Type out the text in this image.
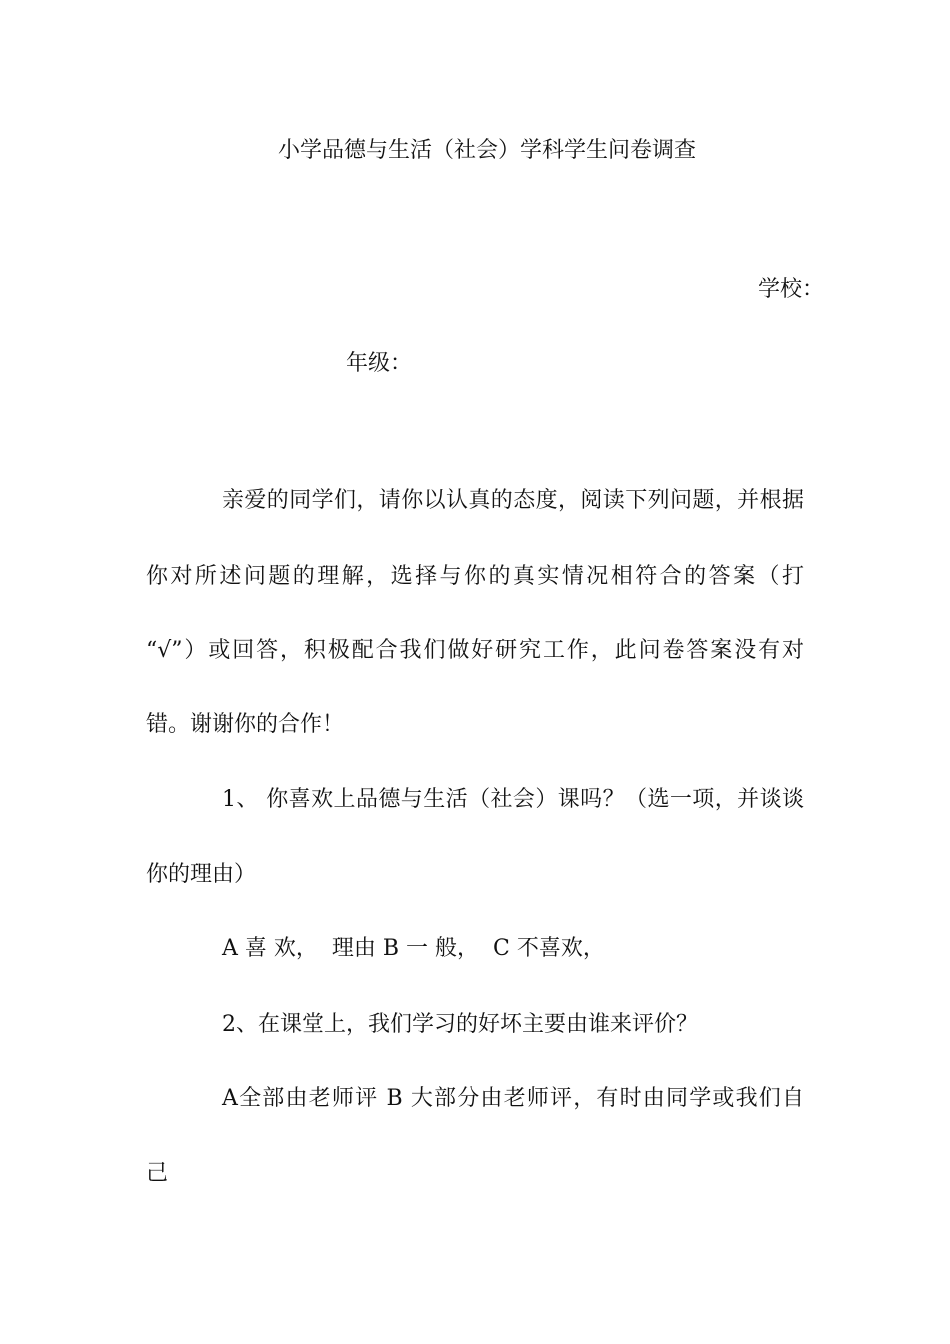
小学品德与生活（社会）学科学生问卷调查
学校：
年级：
亲爱的同学们，请你以认真的态度，阅读下列问题，并根据
你对所述问题的理解，选择与你的真实情况相符合的答案（打
“√”）或回答，积极配合我们做好研究工作，此问卷答案没有对
错。谢谢你的合作！
1、 你喜欢上品德与生活（社会）课吗？（选一项，并谈谈
你的理由）
A 喜 欢，  理由 B 一 般，  C 不喜欢，
2、在课堂上，我们学习的好坏主要由谁来评价？
A全部由老师评 B 大部分由老师评，有时由同学或我们自
己
